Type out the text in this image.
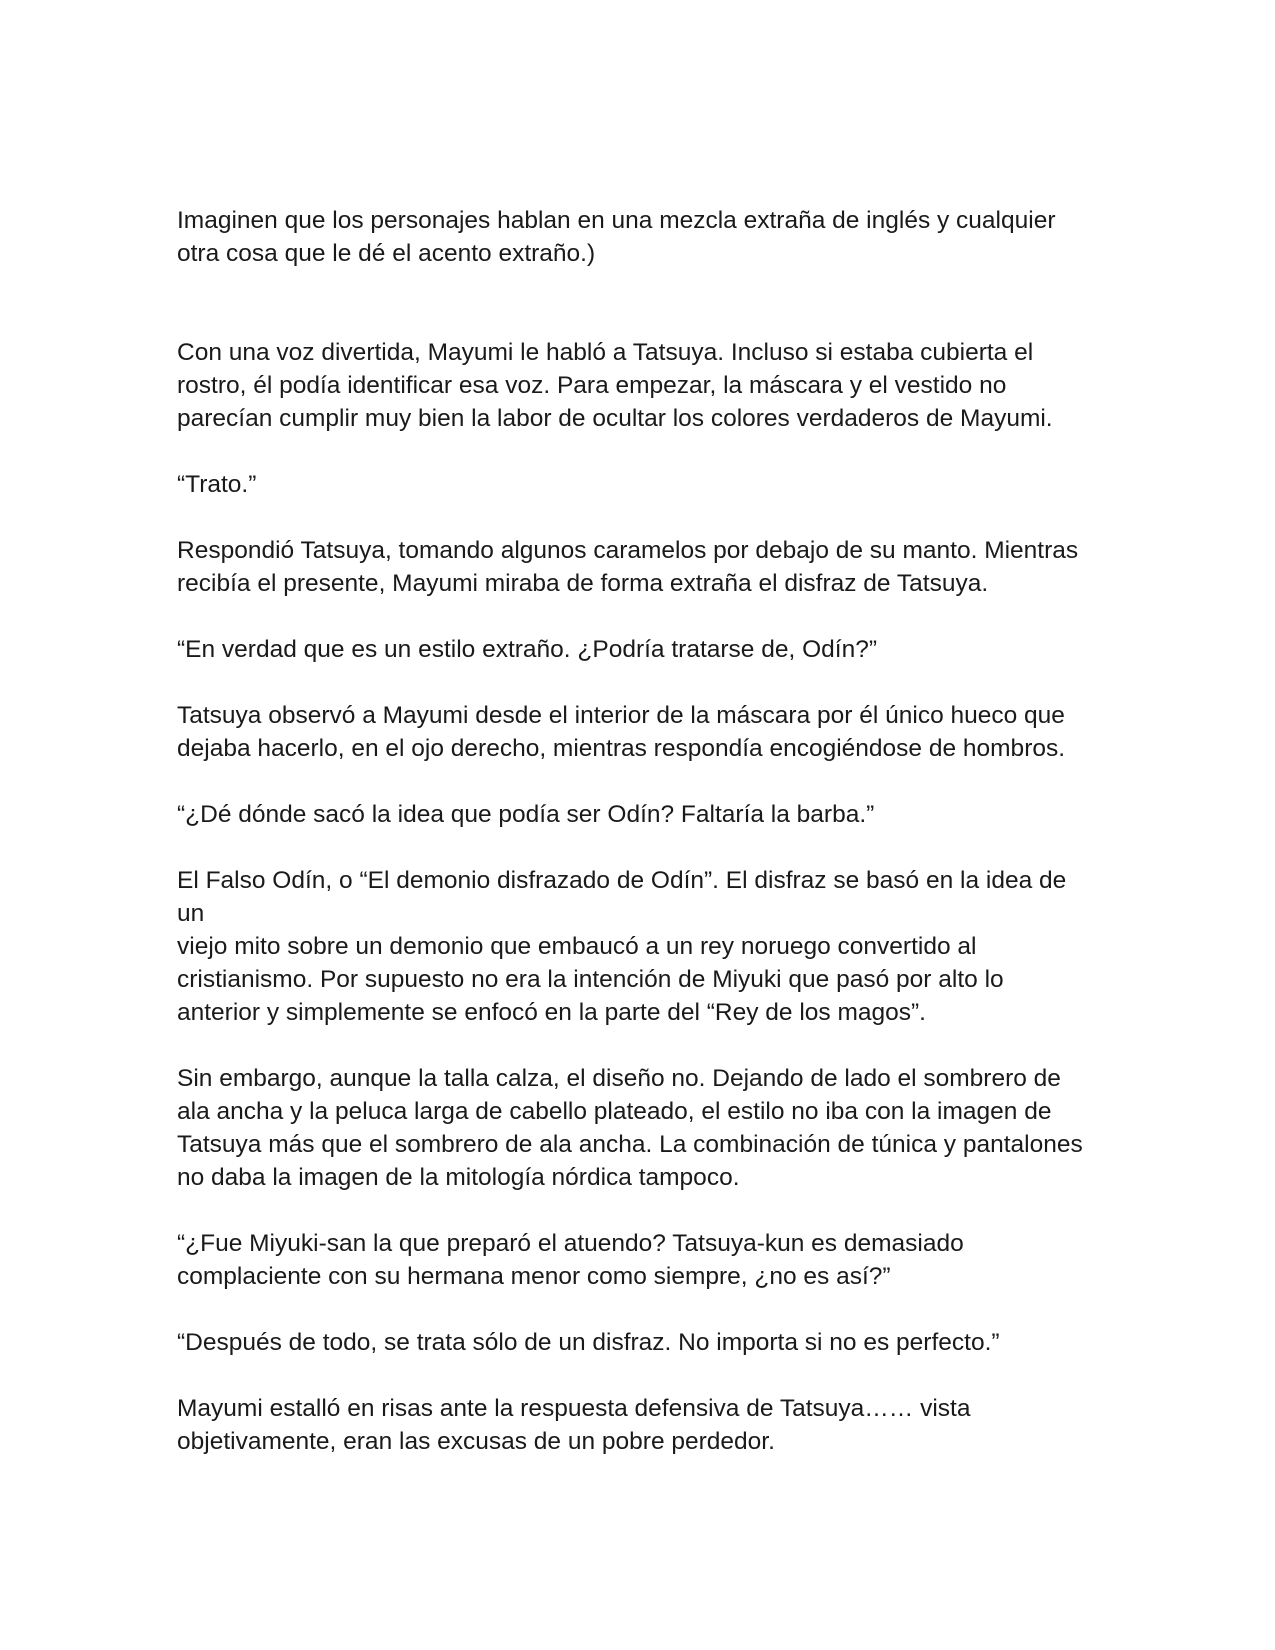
Imaginen que los personajes hablan en una mezcla extraña de inglés y cualquier
otra cosa que le dé el acento extraño.)

Con una voz divertida, Mayumi le habló a Tatsuya. Incluso si estaba cubierta el
rostro, él podía identificar esa voz. Para empezar, la máscara y el vestido no
parecían cumplir muy bien la labor de ocultar los colores verdaderos de Mayumi.

“Trato.”

Respondió Tatsuya, tomando algunos caramelos por debajo de su manto. Mientras
recibía el presente, Mayumi miraba de forma extraña el disfraz de Tatsuya.

“En verdad que es un estilo extraño. ¿Podría tratarse de, Odín?”

Tatsuya observó a Mayumi desde el interior de la máscara por él único hueco que
dejaba hacerlo, en el ojo derecho, mientras respondía encogiéndose de hombros.

“¿Dé dónde sacó la idea que podía ser Odín? Faltaría la barba.”

El Falso Odín, o “El demonio disfrazado de Odín”. El disfraz se basó en la idea de un
viejo mito sobre un demonio que embaucó a un rey noruego convertido al
cristianismo. Por supuesto no era la intención de Miyuki que pasó por alto lo
anterior y simplemente se enfocó en la parte del “Rey de los magos”.

Sin embargo, aunque la talla calza, el diseño no. Dejando de lado el sombrero de
ala ancha y la peluca larga de cabello plateado, el estilo no iba con la imagen de
Tatsuya más que el sombrero de ala ancha. La combinación de túnica y pantalones
no daba la imagen de la mitología nórdica tampoco.

“¿Fue Miyuki-san la que preparó el atuendo? Tatsuya-kun es demasiado
complaciente con su hermana menor como siempre, ¿no es así?”

“Después de todo, se trata sólo de un disfraz. No importa si no es perfecto.”

Mayumi estalló en risas ante la respuesta defensiva de Tatsuya…… vista
objetivamente, eran las excusas de un pobre perdedor.
